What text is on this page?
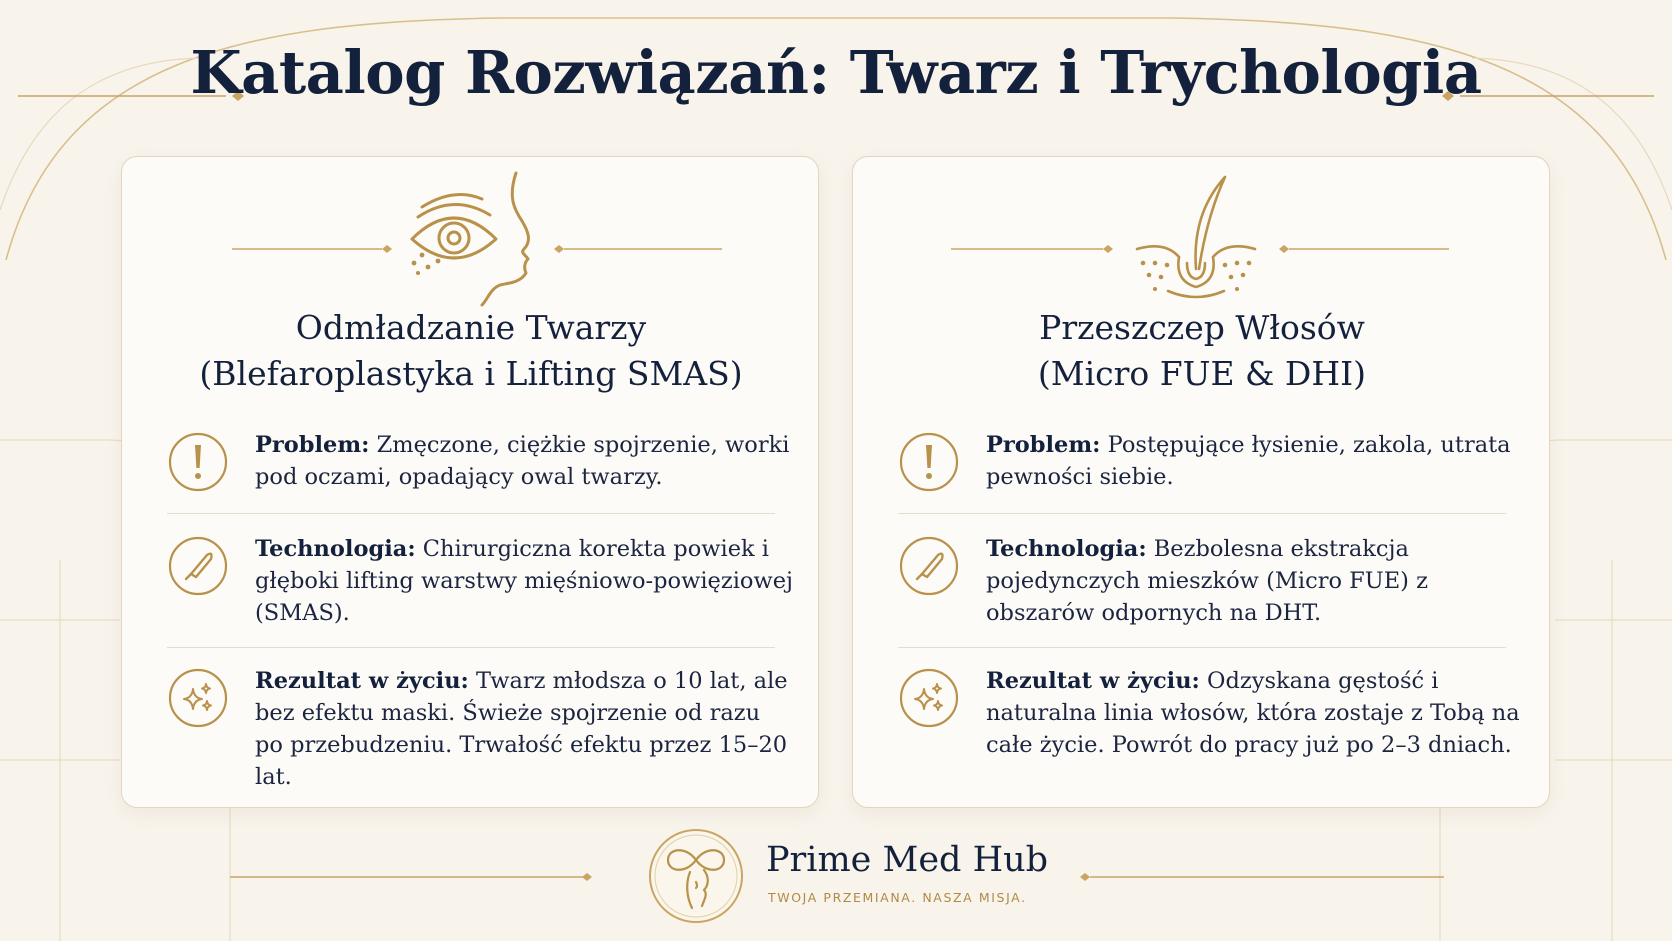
Katalog Rozwiązań: Twarz i Trychologia
Odmładzanie Twarzy
(Blefaroplastyka i Lifting SMAS)
Problem: Zmęczone, ciężkie spojrzenie, worki pod oczami, opadający owal twarzy.
Technologia: Chirurgiczna korekta powiek i głęboki lifting warstwy mięśniowo-powięziowej (SMAS).
Rezultat w życiu: Twarz młodsza o 10 lat, ale bez efektu maski. Świeże spojrzenie od razu po przebudzeniu. Trwałość efektu przez 15–20 lat.
Przeszczep Włosów
(Micro FUE & DHI)
Problem: Postępujące łysienie, zakola, utrata pewności siebie.
Technologia: Bezbolesna ekstrakcja pojedynczych mieszków (Micro FUE) z obszarów odpornych na DHT.
Rezultat w życiu: Odzyskana gęstość i naturalna linia włosów, która zostaje z Tobą na całe życie. Powrót do pracy już po 2–3 dniach.
Prime Med Hub
TWOJA PRZEMIANA. NASZA MISJA.
